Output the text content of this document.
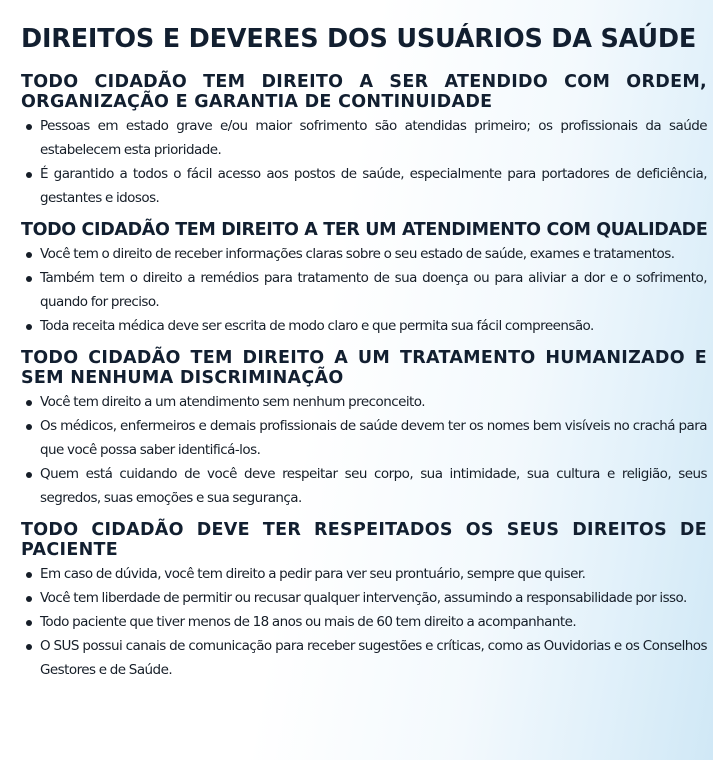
DIREITOS E DEVERES DOS USUÁRIOS DA SAÚDE
TODO CIDADÃO TEM DIREITO A SER ATENDIDO COM ORDEM, ORGANIZAÇÃO E GARANTIA DE CONTINUIDADE
Pessoas em estado grave e/ou maior sofrimento são atendidas primeiro; os profissionais da saúde estabelecem esta prioridade.
É garantido a todos o fácil acesso aos postos de saúde, especialmente para portadores de deficiência, gestantes e idosos.
TODO CIDADÃO TEM DIREITO A TER UM ATENDIMENTO COM QUALIDADE
Você tem o direito de receber informações claras sobre o seu estado de saúde, exames e tratamentos.
Também tem o direito a remédios para tratamento de sua doença ou para aliviar a dor e o sofrimento, quando for preciso.
Toda receita médica deve ser escrita de modo claro e que permita sua fácil compreensão.
TODO CIDADÃO TEM DIREITO A UM TRATAMENTO HUMANIZADO E SEM NENHUMA DISCRIMINAÇÃO
Você tem direito a um atendimento sem nenhum preconceito.
Os médicos, enfermeiros e demais profissionais de saúde devem ter os nomes bem visíveis no crachá para que você possa saber identificá-los.
Quem está cuidando de você deve respeitar seu corpo, sua intimidade, sua cultura e religião, seus segredos, suas emoções e sua segurança.
TODO CIDADÃO DEVE TER RESPEITADOS OS SEUS DIREITOS DE PACIENTE
Em caso de dúvida, você tem direito a pedir para ver seu prontuário, sempre que quiser.
Você tem liberdade de permitir ou recusar qualquer intervenção, assumindo a responsabilidade por isso.
Todo paciente que tiver menos de 18 anos ou mais de 60 tem direito a acompanhante.
O SUS possui canais de comunicação para receber sugestões e críticas, como as Ouvidorias e os Conselhos Gestores e de Saúde.
